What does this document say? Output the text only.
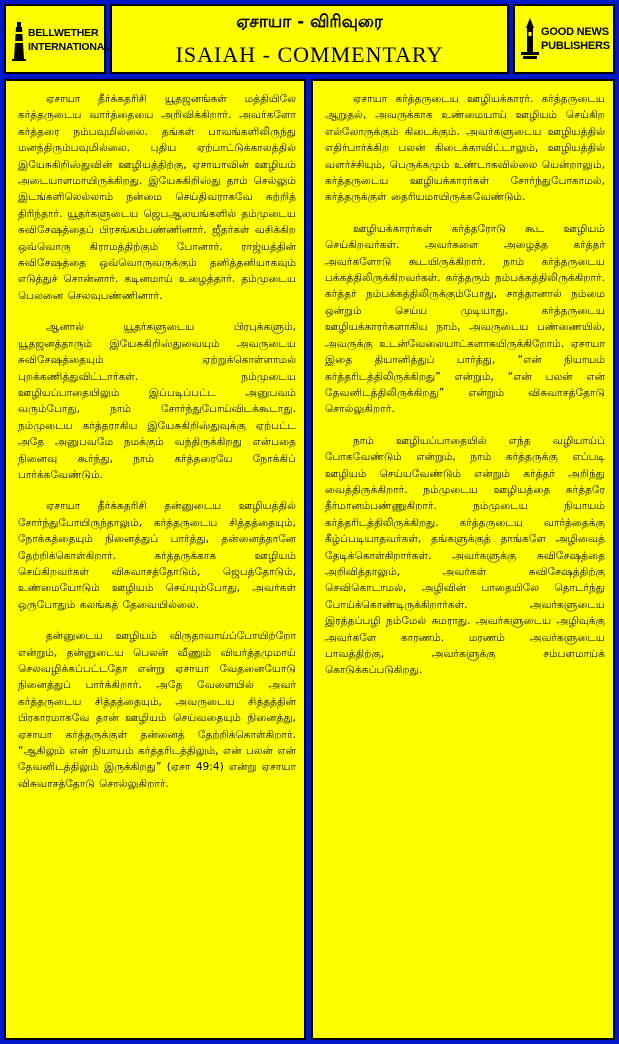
BELLWETHER
INTERNATIONAL
ஏசாயா - விரிவுரை
ISAIAH - COMMENTARY
GOOD NEWS
PUBLISHERS

ஏசாயா தீர்க்கதரிசி யூதஜனங்கள் மத்தியிலே கர்த்தருடைய வார்த்தையை அறிவிக்கிறார். அவர்களோ கர்த்தரை நம்பவுமில்லை. தங்கள் பாவங்களிலிருந்து மனந்திரும்பவுமில்லை. புதிய ஏற்பாட்டுக்காலத்தில் இயேசுகிறிஸ்துவின் ஊழியத்திற்கு, ஏசாயாவின் ஊழியம் அடையாளமாயிருக்கிறது. இயேசுகிறிஸ்து தாம் செல்லும் இடங்களிலெல்லாம் நன்மை செய்திவராகவே சுற்றித் திரிந்தார். யூதர்களுடைய ஜெபஆலயங்களில் தம்முடைய சுவிசேஷத்தைப் பிரசங்கம்பண்ணினார். ஜீதர்கள் வசிக்கிற ஒவ்வொரு கிராமத்திற்கும் போனார். ராஜ்யத்தின் சுவிசேஷத்தை ஒவ்வொருவருக்கும் தனித்தனியாகவும் எடுத்துச் சொன்னார். கடினமாய் உழைத்தார். தம்முடைய பெலனை செலவுபண்ணினார்.

ஆனால் யூதர்களுடைய பிரபுக்களும், யூதஜனத்தாரும் இயேசுகிறிஸ்துவையும் அவருடைய சுவிசேஷத்தையும் ஏற்றுக்கொள்ளாமல் புறக்கணித்துவிட்டார்கள். நம்முடைய ஊழியப்பாதையிலும் இப்படிப்பட்ட அனுபவம் வரும்போது, நாம் சோர்ந்துபோய்விடக்கூடாது. நம்முடைய கர்த்தராகிய இயேசுகிறிஸ்துவுக்கு ஏற்பட்ட அதே அனுபவமே நமக்கும் வந்திருக்கிறது என்பதை நினைவு கூர்ந்து, நாம் கர்த்தரையே நோக்கிப் பார்க்கவேண்டும்.

ஏசாயா தீர்க்கதரிசி தன்னுடைய ஊழியத்தில் சோர்ந்துபோயிருந்தாலும், கர்த்தருடைய சித்தத்தையும், நோக்கத்தையும் நினைத்துப் பார்த்து, தன்னைத்தானே தேற்றிக்கொள்கிறார். கர்த்தருக்காக ஊழியம் செய்கிறவர்கள் விசுவாசத்தோடும், ஜெபத்தோடும், உண்மையோடும் ஊழியம் செய்யும்போது, அவர்கள் ஒருபோதும் கலங்கத் தேவையில்லை.

தன்னுடைய ஊழியம் விருதாவாய்ப்போயிற்றோ என்றும், தன்னுடைய பெலன் வீணும் வியர்த்தமுமாய் செலவழிக்கப்பட்டதோ என்று ஏசாயா வேதனையோடு நினைத்துப் பார்க்கிறார். அதே வேளையில் அவர் கர்த்தருடைய சித்தத்தையும், அவருடைய சித்தத்தின் பிரகாரமாகவே தான் ஊழியம் செய்வதையும் நினைத்து, ஏசாயா கர்த்தருக்குள் தன்னைத் தேற்றிக்கொள்கிறார். “ஆகிலும் என் நியாயம் கர்த்தரிடத்திலும், என் பலன் என் தேவனிடத்திலும் இருக்கிறது” (ஏசா 49:4) என்று ஏசாயா விசுவாசத்தோடு சொல்லுகிறார்.

ஏசாயா கர்த்தருடைய ஊழியக்காரர். கர்த்தருடைய ஆறுதல், அவருக்காக உண்மையாய் ஊழியம் செய்கிற எல்லோருக்கும் கிடைக்கும். அவர்களுடைய ஊழியத்தில் எதிர்பார்க்கிற பலன் கிடைக்காவிட்டாலும், ஊழியத்தில் வளர்ச்சியும், பெருக்கமும் உண்டாகவில்லை யென்றாலும், கர்த்தருடைய ஊழியக்காரர்கள் சோர்ந்துபோகாமல், கர்த்தருக்குள் தைரியமாயிருக்கவேண்டும்.

ஊழியக்காரர்கள் கர்த்தரோடு கூட ஊழியம் செய்கிறவர்கள். அவர்களை அழைத்த கர்த்தர் அவர்களோடு கூடயிருக்கிறார். நாம் கர்த்தருடைய பக்கத்திலிருக்கிறவர்கள். கர்த்தரும் நம்பக்கத்திலிருக்கிறார். கர்த்தர் நம்பக்கத்திலிருக்கும்போது, சாத்தானால் நம்மை ஒன்றும் செய்ய முடியாது. கர்த்தருடைய ஊழியக்காரர்களாகிய நாம், அவருடைய பண்ணையில், அவருக்கு உடன்வேலையாட்களாகயிருக்கிறோம். ஏசாயா இதை தியானித்துப் பார்த்து, “என் நியாயம் கர்த்தரிடத்திலிருக்கிறது” என்றும், “என் பலன் என் தேவனிடத்திலிருக்கிறது” என்றும் விசுவாசத்தோடு சொல்லுகிறார்.

நாம் ஊழியப்பாதையில் எந்த வழியாய்ப் போகவேண்டும் என்றும், நாம் கர்த்தருக்கு எப்படி ஊழியம் செய்யவேண்டும் என்றும் கர்த்தர் அறிந்து வைத்திருக்கிறார். நம்முடைய ஊழியத்தை கர்த்தரே தீர்மானம்பண்ணுகிறார். நம்முடைய நியாயம் கர்த்தரிடத்திலிருக்கிறது. கர்த்தருடைய வார்த்தைக்கு கீழ்ப்படியாதவர்கள், தங்களுக்குத் தாங்களே அழிவைத் தேடிக்கொள்கிறார்கள். அவர்களுக்கு சுவிசேஷத்தை அறிவித்தாலும், அவர்கள் சுவிசேஷத்திற்கு செவிகொடாமல், அழிவின் பாதையிலே தொடர்ந்து போய்க்கொண்டிருக்கிறார்கள். அவர்களுடைய இரத்தப்பழி நம்மேல் சுமராது. அவர்களுடைய அழிவுக்கு அவர்களே காரணம். மரணம் அவர்களுடைய பாவத்திற்கு, அவர்களுக்கு சம்பளமாய்க் கொடுக்கப்படுகிறது.
